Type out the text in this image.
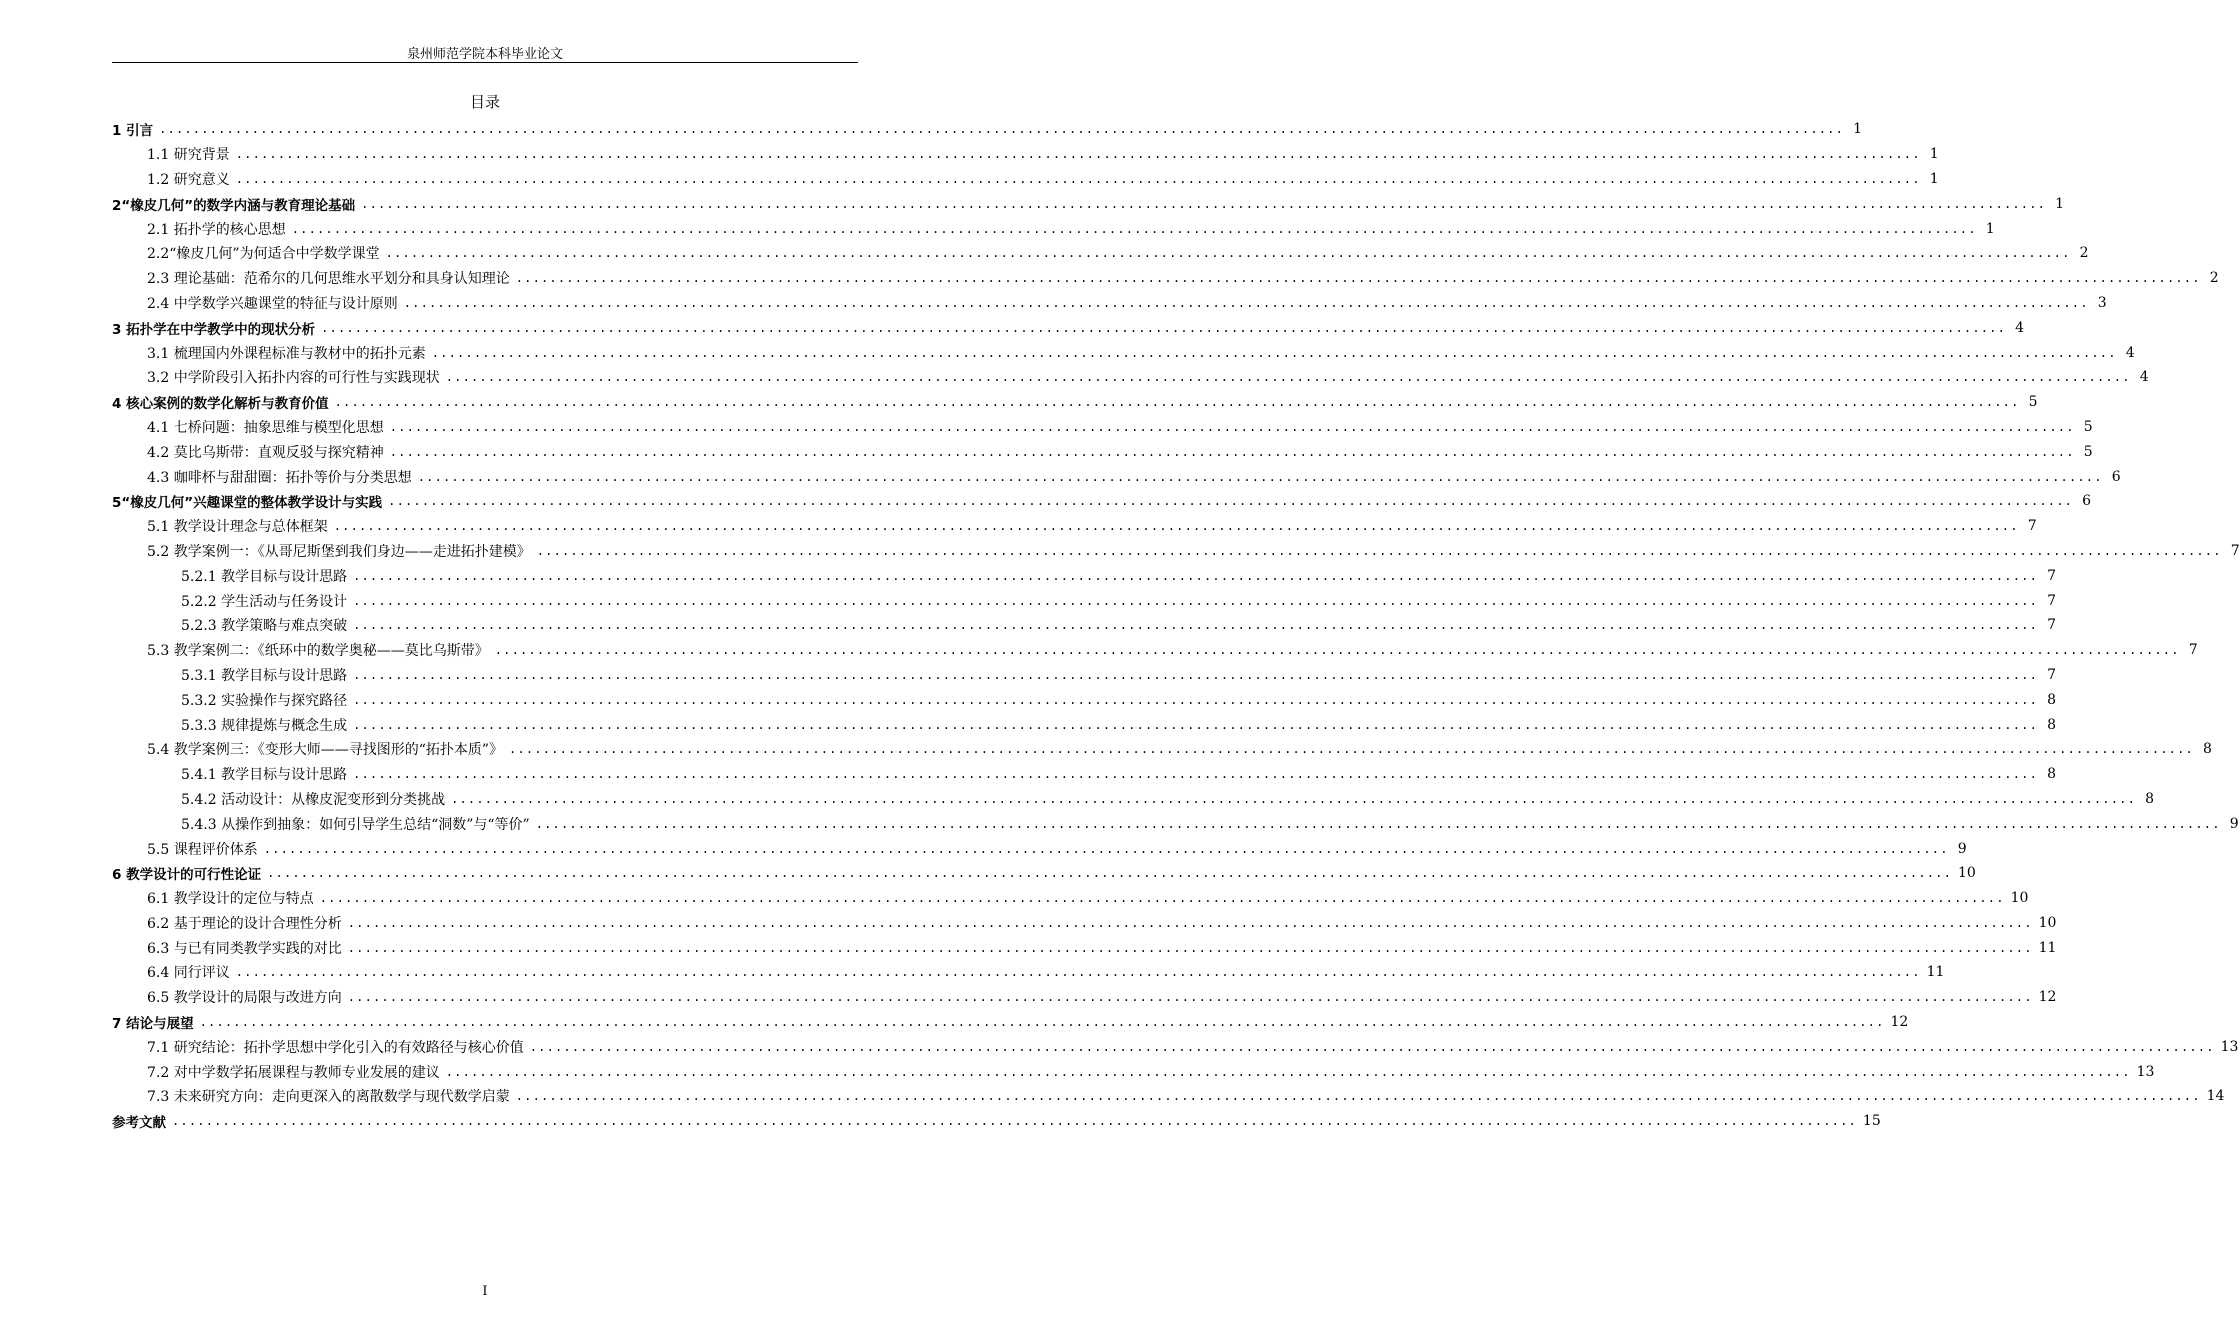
泉州师范学院本科毕业论文
目录
1 引言 ........................................................................................................................................................................................................ 1
1.1 研究背景 ........................................................................................................................................................................................................ 1
1.2 研究意义 ........................................................................................................................................................................................................ 1
2“橡皮几何”的数学内涵与教育理论基础 ........................................................................................................................................................................................................ 1
2.1 拓扑学的核心思想 ........................................................................................................................................................................................................ 1
2.2“橡皮几何”为何适合中学数学课堂 ........................................................................................................................................................................................................ 2
2.3 理论基础：范希尔的几何思维水平划分和具身认知理论 ........................................................................................................................................................................................................ 2
2.4 中学数学兴趣课堂的特征与设计原则 ........................................................................................................................................................................................................ 3
3 拓扑学在中学教学中的现状分析 ........................................................................................................................................................................................................ 4
3.1 梳理国内外课程标准与教材中的拓扑元素 ........................................................................................................................................................................................................ 4
3.2 中学阶段引入拓扑内容的可行性与实践现状 ........................................................................................................................................................................................................ 4
4 核心案例的数学化解析与教育价值 ........................................................................................................................................................................................................ 5
4.1 七桥问题：抽象思维与模型化思想 ........................................................................................................................................................................................................ 5
4.2 莫比乌斯带：直观反驳与探究精神 ........................................................................................................................................................................................................ 5
4.3 咖啡杯与甜甜圈：拓扑等价与分类思想 ........................................................................................................................................................................................................ 6
5“橡皮几何”兴趣课堂的整体教学设计与实践 ........................................................................................................................................................................................................ 6
5.1 教学设计理念与总体框架 ........................................................................................................................................................................................................ 7
5.2 教学案例一：《从哥尼斯堡到我们身边——走进拓扑建模》 ........................................................................................................................................................................................................ 7
5.2.1 教学目标与设计思路 ........................................................................................................................................................................................................ 7
5.2.2 学生活动与任务设计 ........................................................................................................................................................................................................ 7
5.2.3 教学策略与难点突破 ........................................................................................................................................................................................................ 7
5.3 教学案例二：《纸环中的数学奥秘——莫比乌斯带》 ........................................................................................................................................................................................................ 7
5.3.1 教学目标与设计思路 ........................................................................................................................................................................................................ 7
5.3.2 实验操作与探究路径 ........................................................................................................................................................................................................ 8
5.3.3 规律提炼与概念生成 ........................................................................................................................................................................................................ 8
5.4 教学案例三：《变形大师——寻找图形的“拓扑本质”》 ........................................................................................................................................................................................................ 8
5.4.1 教学目标与设计思路 ........................................................................................................................................................................................................ 8
5.4.2 活动设计：从橡皮泥变形到分类挑战 ........................................................................................................................................................................................................ 8
5.4.3 从操作到抽象：如何引导学生总结“洞数”与“等价” ........................................................................................................................................................................................................ 9
5.5 课程评价体系 ........................................................................................................................................................................................................ 9
6 教学设计的可行性论证 ........................................................................................................................................................................................................ 10
6.1 教学设计的定位与特点 ........................................................................................................................................................................................................ 10
6.2 基于理论的设计合理性分析 ........................................................................................................................................................................................................ 10
6.3 与已有同类教学实践的对比 ........................................................................................................................................................................................................ 11
6.4 同行评议 ........................................................................................................................................................................................................ 11
6.5 教学设计的局限与改进方向 ........................................................................................................................................................................................................ 12
7 结论与展望 ........................................................................................................................................................................................................ 12
7.1 研究结论：拓扑学思想中学化引入的有效路径与核心价值 ........................................................................................................................................................................................................ 13
7.2 对中学数学拓展课程与教师专业发展的建议 ........................................................................................................................................................................................................ 13
7.3 未来研究方向：走向更深入的离散数学与现代数学启蒙 ........................................................................................................................................................................................................ 14
参考文献 ........................................................................................................................................................................................................ 15
I
